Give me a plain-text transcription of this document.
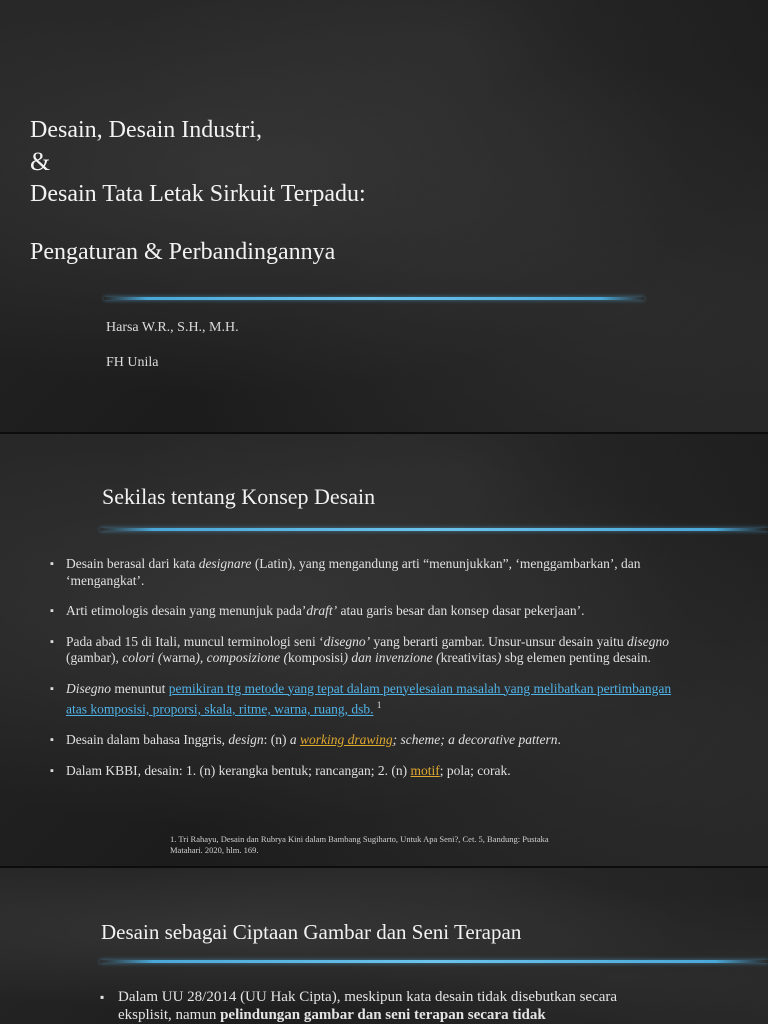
Desain, Desain Industri,
&
Desain Tata Letak Sirkuit Terpadu:
Pengaturan & Perbandingannya
Harsa W.R., S.H., M.H.
FH Unila
Sekilas tentang Konsep Desain
▪ Desain berasal dari kata designare (Latin), yang mengandung arti “menunjukkan”, ‘menggambarkan’, dan ‘mengangkat’.
▪ Arti etimologis desain yang menunjuk pada’draft’ atau garis besar dan konsep dasar pekerjaan’.
▪ Pada abad 15 di Itali, muncul terminologi seni ‘disegno’ yang berarti gambar. Unsur-unsur desain yaitu disegno (gambar), colori (warna), composizione (komposisi) dan invenzione (kreativitas) sbg elemen penting desain.
▪ Disegno menuntut pemikiran ttg metode yang tepat dalam penyelesaian masalah yang melibatkan pertimbangan atas komposisi, proporsi, skala, ritme, warna, ruang, dsb. $^1$
▪ Desain dalam bahasa Inggris, design: (n) a working drawing; scheme; a decorative pattern.
▪ Dalam KBBI, desain: 1. (n) kerangka bentuk; rancangan; 2. (n) motif; pola; corak.
1. Tri Rahayu, Desain dan Rubrya Kini dalam Bambang Sugiharto, Untuk Apa Seni?, Cet. 5, Bandung: Pustaka Matahari. 2020, hlm. 169.
Desain sebagai Ciptaan Gambar dan Seni Terapan
▪ Dalam UU 28/2014 (UU Hak Cipta), meskipun kata desain tidak disebutkan secara eksplisit, namun pelindungan gambar dan seni terapan secara tidak
